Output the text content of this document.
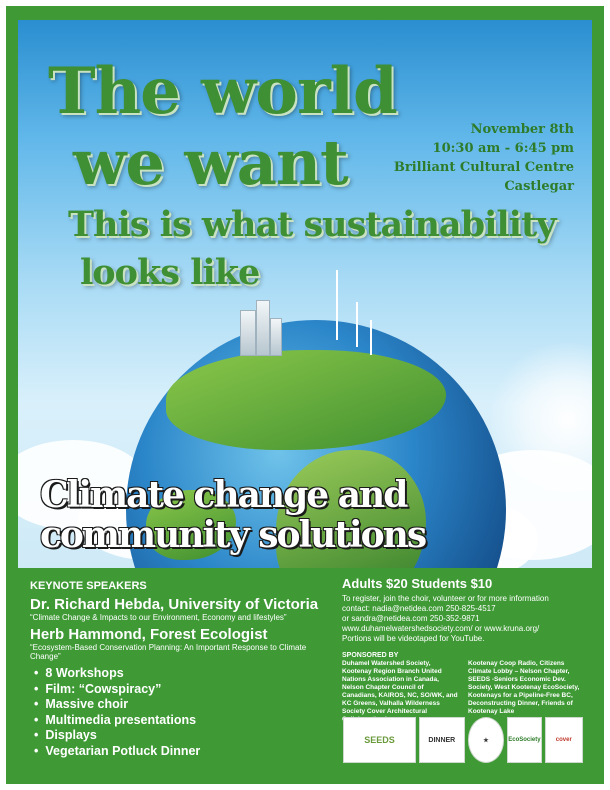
The world
we want
This is what sustainability
looks like
November 8th
10:30 am - 6:45 pm
Brilliant Cultural Centre
Castlegar
Climate change and
community solutions
KEYNOTE SPEAKERS
Dr. Richard Hebda, University of Victoria
“Climate Change & Impacts to our Environment, Economy and lifestyles”
Herb Hammond, Forest Ecologist
“Ecosystem-Based Conservation Planning: An Important Response to Climate Change”
• 8 Workshops
• Film: “Cowspiracy”
• Massive choir
• Multimedia presentations
• Displays
• Vegetarian Potluck Dinner
Adults $20 Students $10
To register, join the choir, volunteer or for more information
contact: nadia@netidea.com 250-825-4517
or sandra@netidea.com 250-352-9871
www.duhamelwatershedsociety.com/ or www.kruna.org/
Portions will be videotaped for YouTube.
SPONSORED BY
Duhamel Watershed Society, Kootenay Region Branch United Nations Association in Canada, Nelson Chapter Council of Canadians, KAIROS, NC, SO/WK, and KC Greens, Valhalla Wilderness Society Cover Architectural
Kootenay Coop Radio, Citizens Climate Lobby – Nelson Chapter, SEEDS -Seniors Economic Dev. Society, West Kootenay EcoSociety, Kootenays for a Pipeline-Free BC, Deconstructing Dinner, Friends of Kootenay Lake
SEEDS	DINNER	★	EcoSociety	cover
